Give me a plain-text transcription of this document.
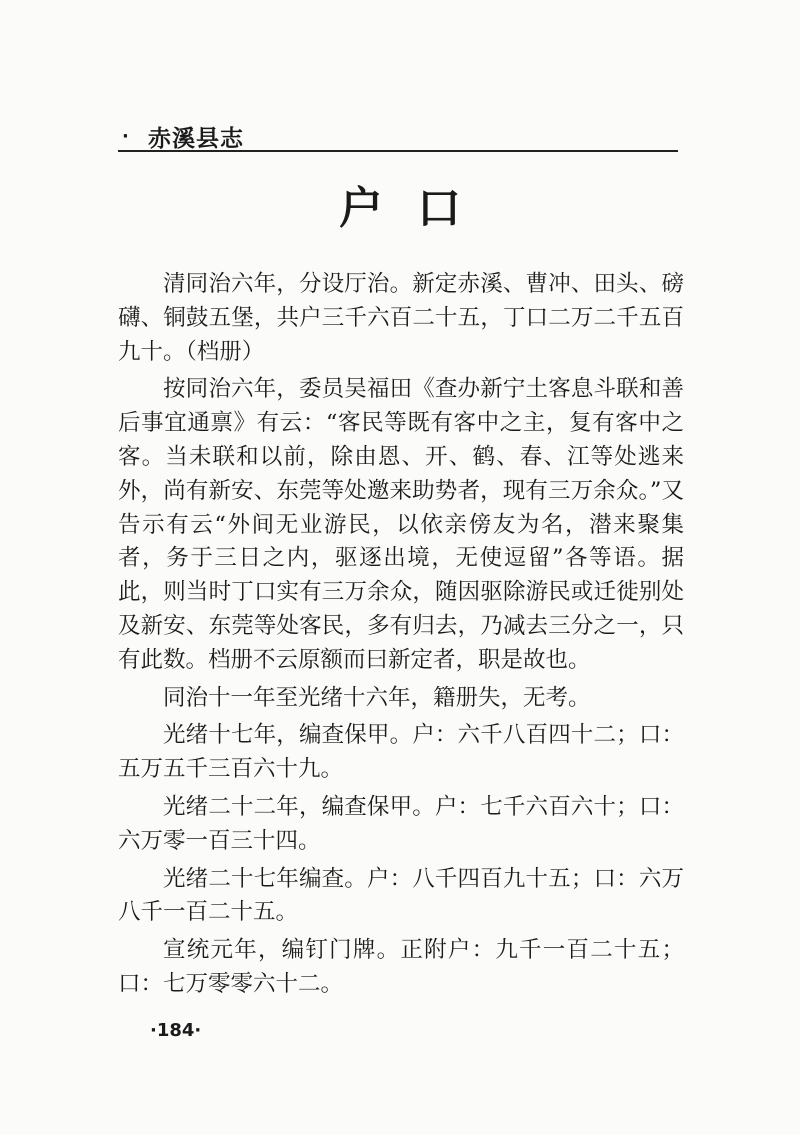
· 赤溪县志
户口

清同治六年，分设厅治。新定赤溪、曹冲、田头、磅礴、铜鼓五堡，共户三千六百二十五，丁口二万二千五百九十。（档册）

按同治六年，委员吴福田《查办新宁土客息斗联和善后事宜通禀》有云：“客民等既有客中之主，复有客中之客。当未联和以前，除由恩、开、鹤、春、江等处逃来外，尚有新安、东莞等处邀来助势者，现有三万余众。”又告示有云“外间无业游民，以依亲傍友为名，潜来聚集者，务于三日之内，驱逐出境，无使逗留”各等语。据此，则当时丁口实有三万余众，随因驱除游民或迁徙别处及新安、东莞等处客民，多有归去，乃减去三分之一，只有此数。档册不云原额而曰新定者，职是故也。

同治十一年至光绪十六年，籍册失，无考。

光绪十七年，编查保甲。户：六千八百四十二；口：五万五千三百六十九。

光绪二十二年，编查保甲。户：七千六百六十；口：六万零一百三十四。

光绪二十七年编查。户：八千四百九十五；口：六万八千一百二十五。

宣统元年，编钉门牌。正附户：九千一百二十五；口：七万零零六十二。

·184·
